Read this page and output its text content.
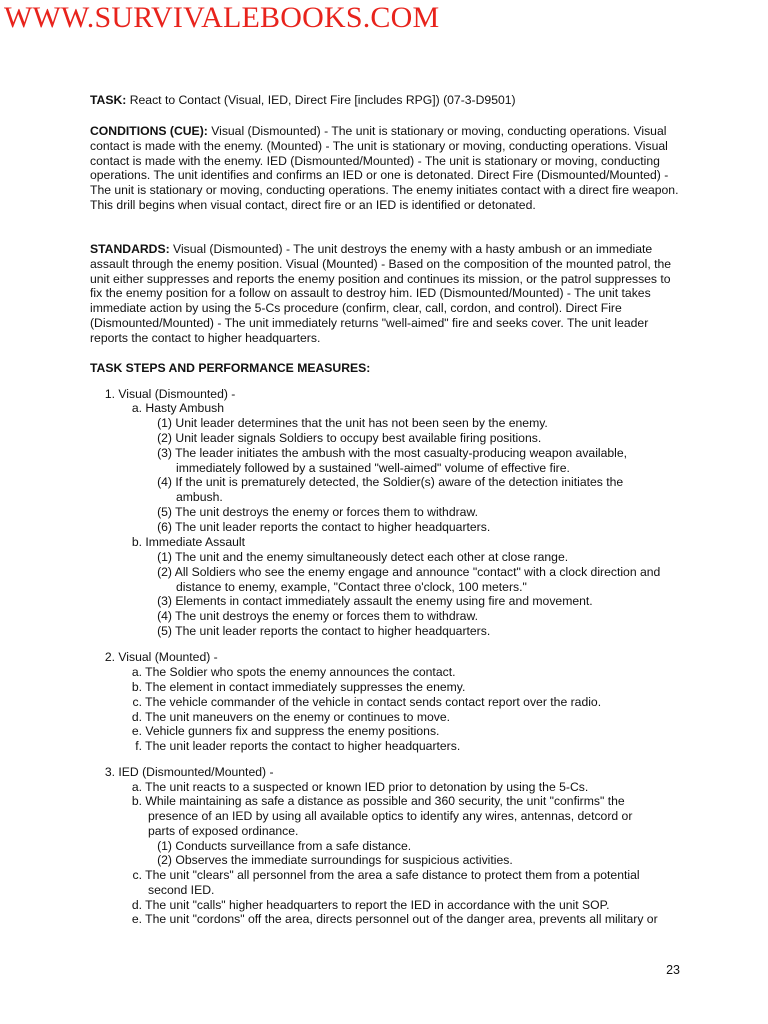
WWW.SURVIVALEBOOKS.COM

TASK: React to Contact (Visual, IED, Direct Fire [includes RPG]) (07-3-D9501)

CONDITIONS (CUE): Visual (Dismounted) - The unit is stationary or moving, conducting operations. Visual contact is made with the enemy. (Mounted) - The unit is stationary or moving, conducting operations. Visual contact is made with the enemy. IED (Dismounted/Mounted) - The unit is stationary or moving, conducting operations. The unit identifies and confirms an IED or one is detonated. Direct Fire (Dismounted/Mounted) - The unit is stationary or moving, conducting operations. The enemy initiates contact with a direct fire weapon.

This drill begins when visual contact, direct fire or an IED is identified or detonated.

STANDARDS: Visual (Dismounted) - The unit destroys the enemy with a hasty ambush or an immediate assault through the enemy position. Visual (Mounted) - Based on the composition of the mounted patrol, the unit either suppresses and reports the enemy position and continues its mission, or the patrol suppresses to fix the enemy position for a follow on assault to destroy him. IED (Dismounted/Mounted) - The unit takes immediate action by using the 5-Cs procedure (confirm, clear, call, cordon, and control). Direct Fire (Dismounted/Mounted) - The unit immediately returns "well-aimed" fire and seeks cover. The unit leader reports the contact to higher headquarters.

TASK STEPS AND PERFORMANCE MEASURES:
1. Visual (Dismounted) -
a. Hasty Ambush
(1) Unit leader determines that the unit has not been seen by the enemy.
(2) Unit leader signals Soldiers to occupy best available firing positions.
(3) The leader initiates the ambush with the most casualty-producing weapon available,
immediately followed by a sustained "well-aimed" volume of effective fire.
(4) If the unit is prematurely detected, the Soldier(s) aware of the detection initiates the
ambush.
(5) The unit destroys the enemy or forces them to withdraw.
(6) The unit leader reports the contact to higher headquarters.
b. Immediate Assault
(1) The unit and the enemy simultaneously detect each other at close range.
(2) All Soldiers who see the enemy engage and announce "contact" with a clock direction and
distance to enemy, example, "Contact three o'clock, 100 meters."
(3) Elements in contact immediately assault the enemy using fire and movement.
(4) The unit destroys the enemy or forces them to withdraw.
(5) The unit leader reports the contact to higher headquarters.
2. Visual (Mounted) -
a. The Soldier who spots the enemy announces the contact.
b. The element in contact immediately suppresses the enemy.
c. The vehicle commander of the vehicle in contact sends contact report over the radio.
d. The unit maneuvers on the enemy or continues to move.
e. Vehicle gunners fix and suppress the enemy positions.
f. The unit leader reports the contact to higher headquarters.
3. IED (Dismounted/Mounted) -
a. The unit reacts to a suspected or known IED prior to detonation by using the 5-Cs.
b. While maintaining as safe a distance as possible and 360 security, the unit "confirms" the
presence of an IED by using all available optics to identify any wires, antennas, detcord or
parts of exposed ordinance.
(1) Conducts surveillance from a safe distance.
(2) Observes the immediate surroundings for suspicious activities.
c. The unit "clears" all personnel from the area a safe distance to protect them from a potential
second IED.
d. The unit "calls" higher headquarters to report the IED in accordance with the unit SOP.
e. The unit "cordons" off the area, directs personnel out of the danger area, prevents all military or
23
